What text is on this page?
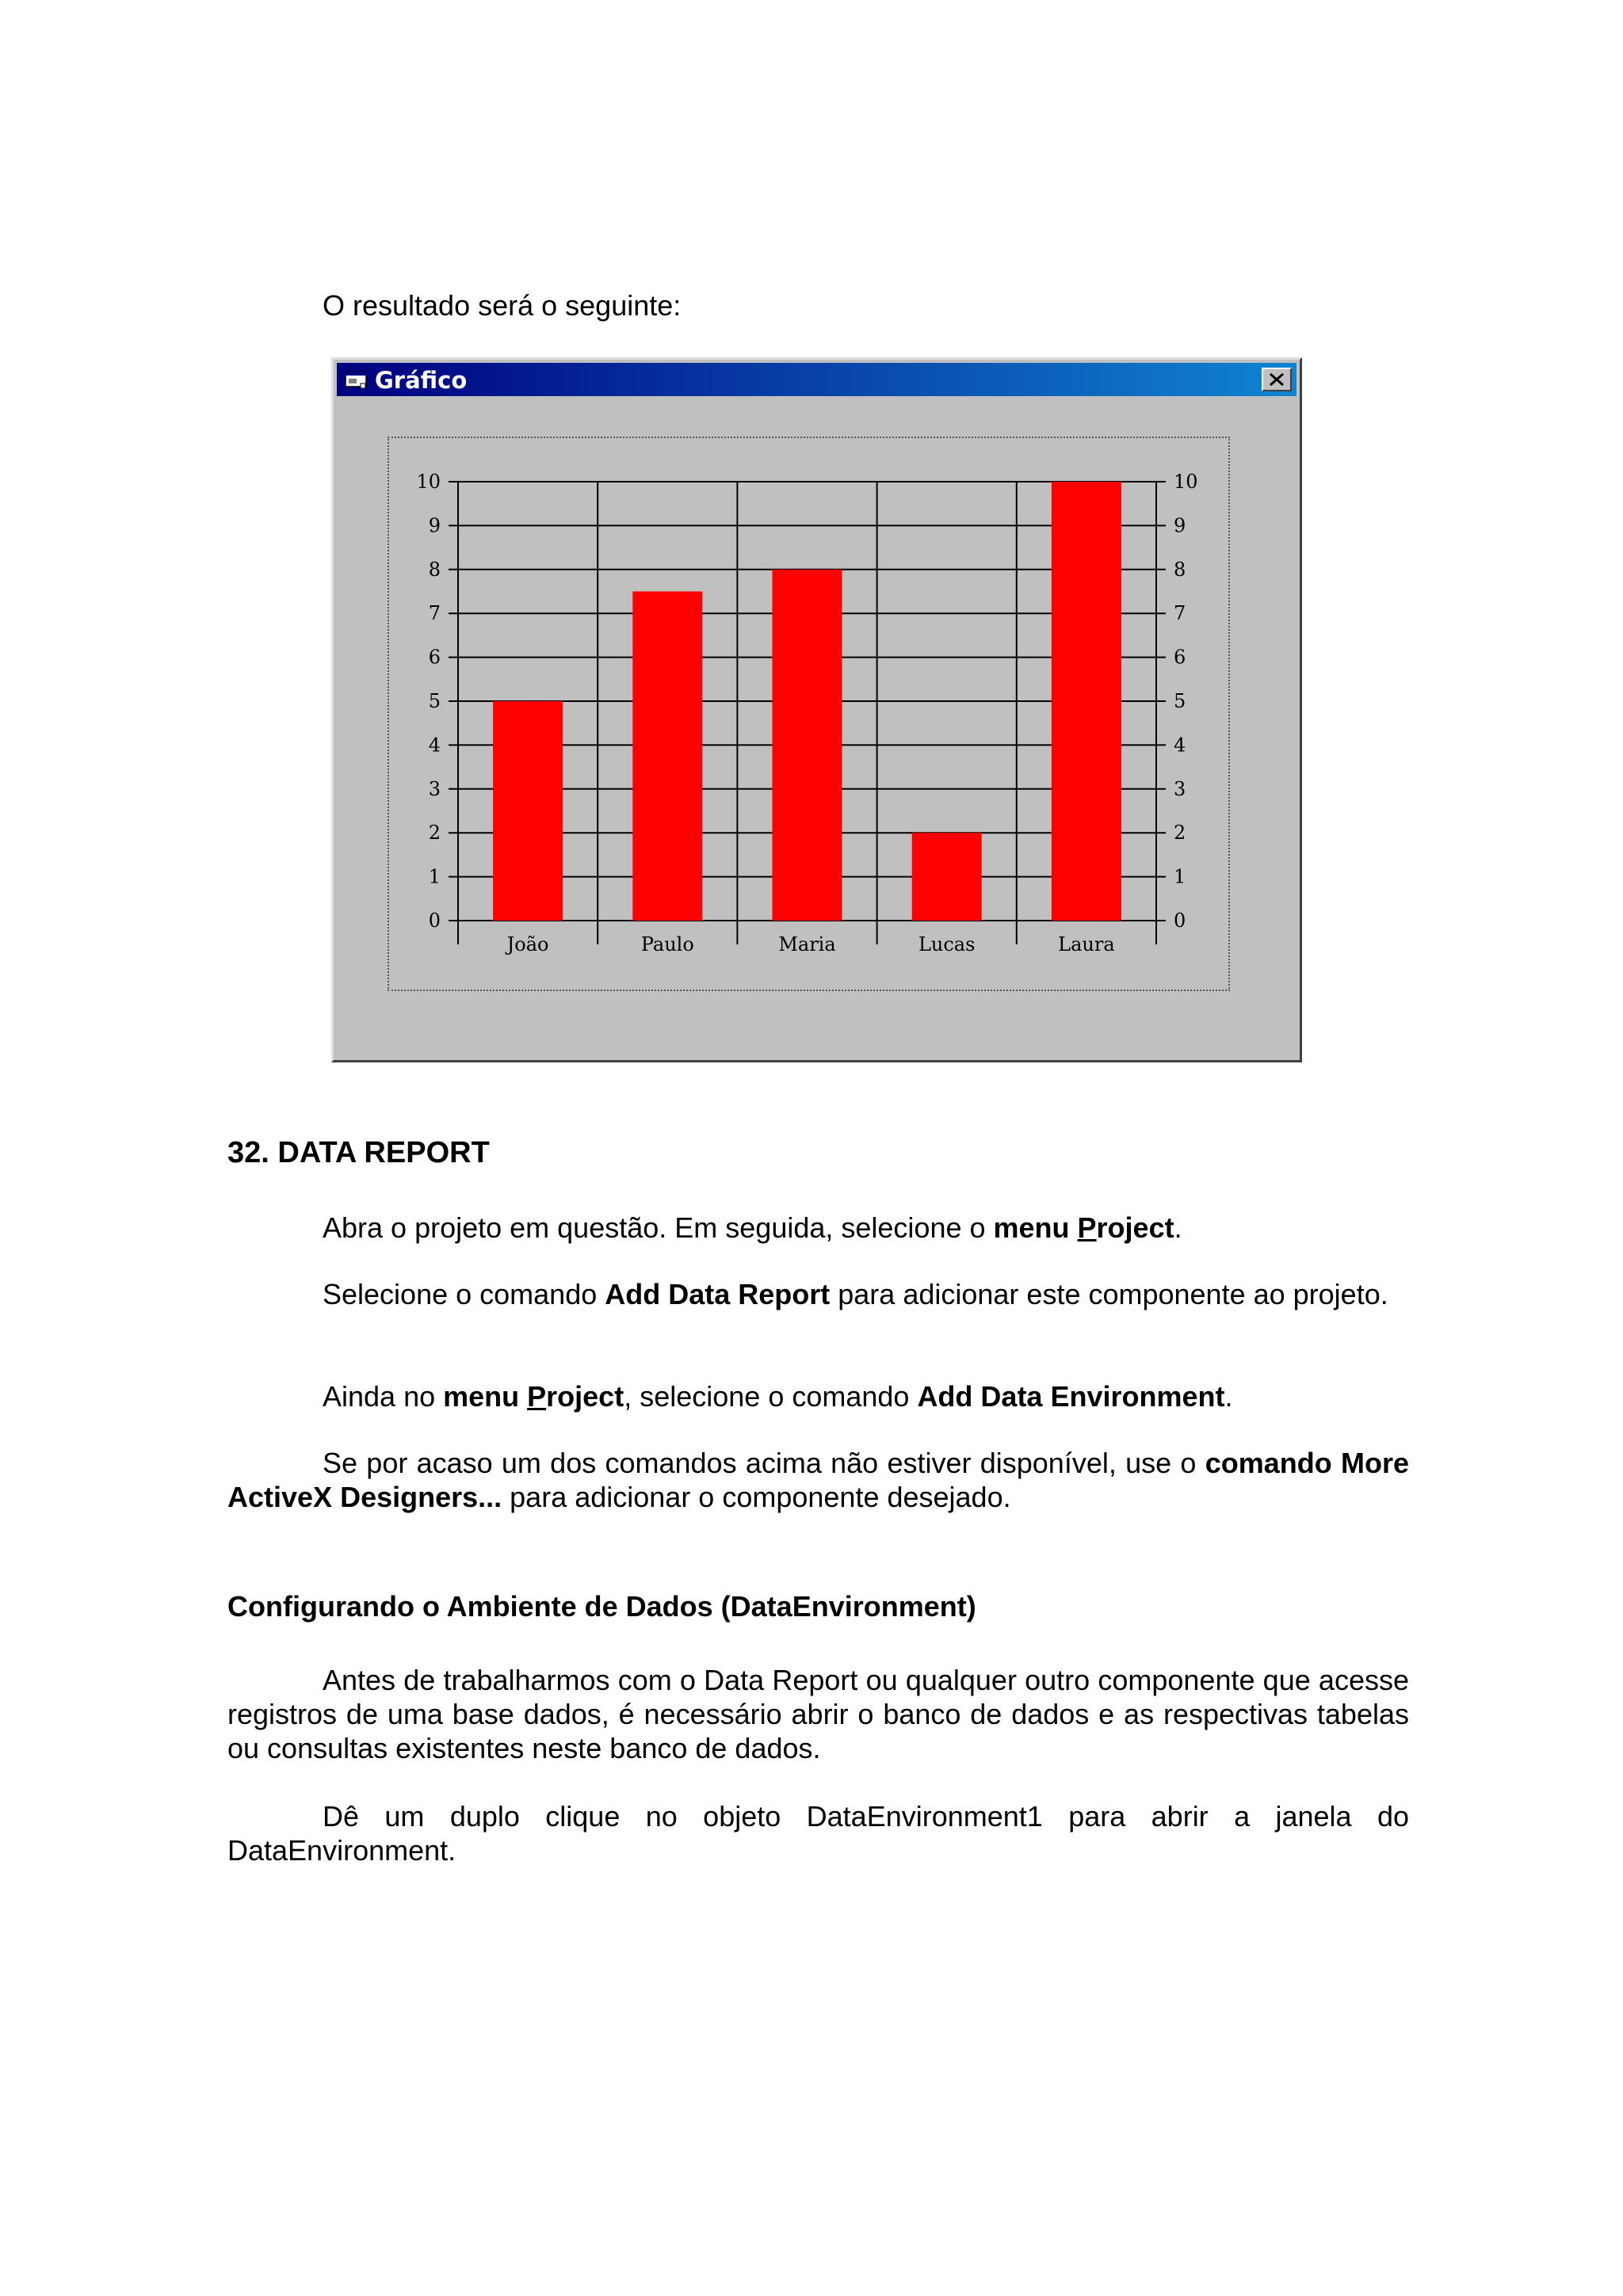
O resultado será o seguinte:

Gráfico
0	0
1	1
2	2
3	3
4	4
5	5
6	6
7	7
8	8
9	9
10	10
João	Paulo	Maria	Lucas	Laura
32. DATA REPORT

Abra o projeto em questão. Em seguida, selecione o menu Project.

Selecione o comando Add Data Report para adicionar este componente ao projeto.

Ainda no menu Project, selecione o comando Add Data Environment.

Se por acaso um dos comandos acima não estiver disponível, use o comando More ActiveX Designers... para adicionar o componente desejado.

Configurando o Ambiente de Dados (DataEnvironment)

Antes de trabalharmos com o Data Report ou qualquer outro componente que acesse registros de uma base dados, é necessário abrir o banco de dados e as respectivas tabelas ou consultas existentes neste banco de dados.

Dê um duplo clique no objeto DataEnvironment1 para abrir a janela do DataEnvironment.
